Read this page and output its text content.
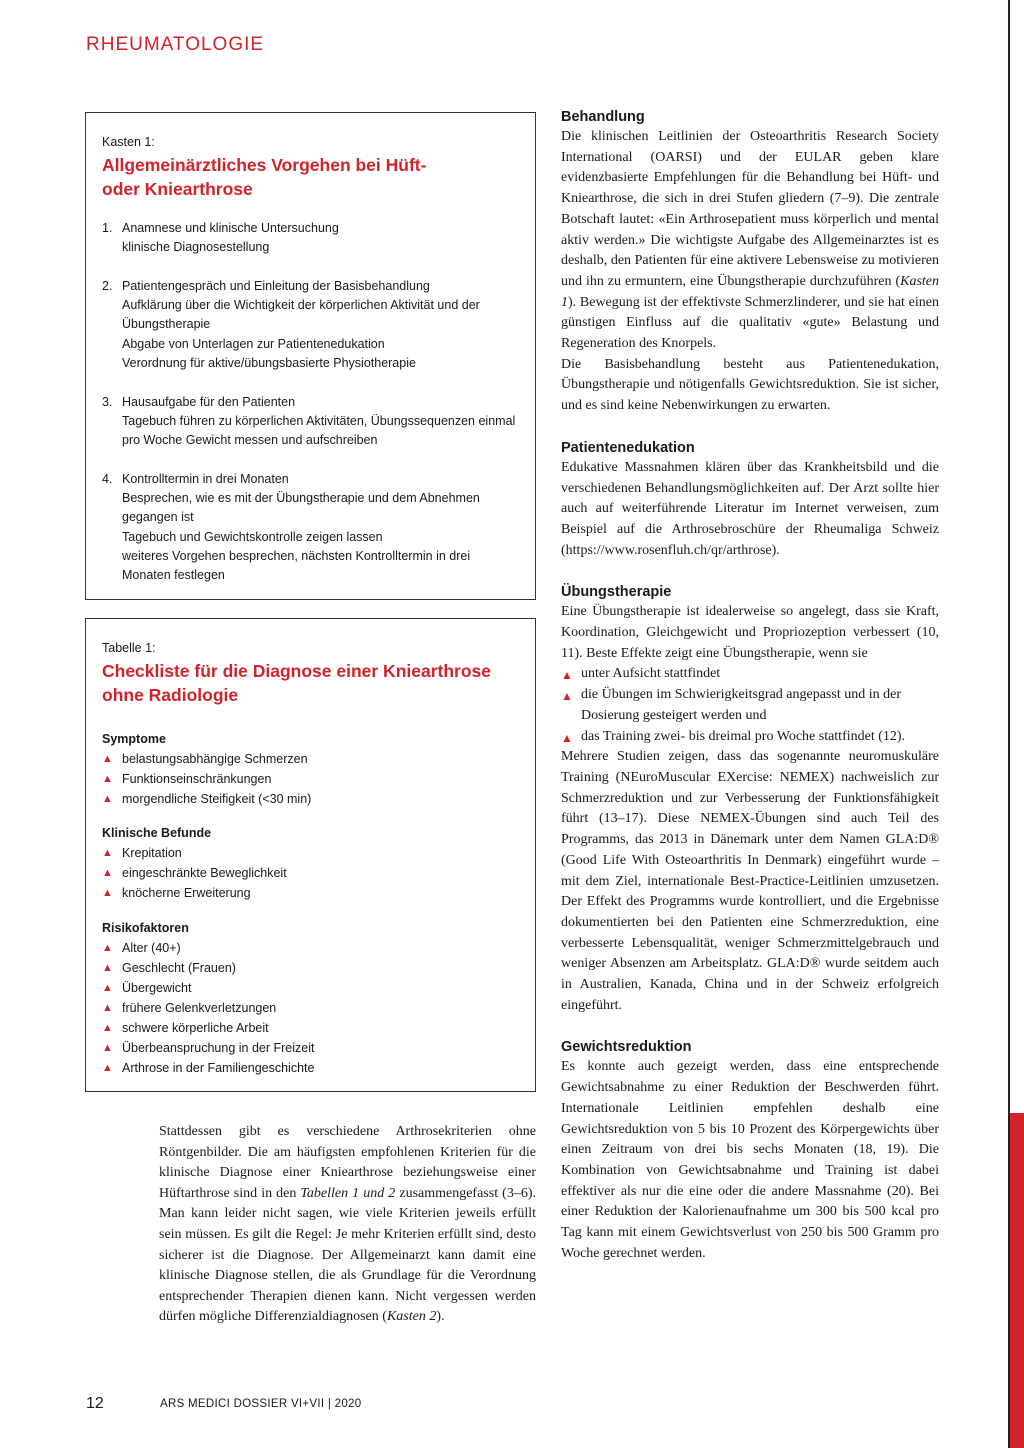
RHEUMATOLOGIE
Kasten 1:
Allgemeinärztliches Vorgehen bei Hüft-
oder Kniearthrose
1. Anamnese und klinische Untersuchung
klinische Diagnosestellung
2. Patientengespräch und Einleitung der Basisbehandlung
Aufklärung über die Wichtigkeit der körperlichen Aktivität und der Übungstherapie
Abgabe von Unterlagen zur Patientenedukation
Verordnung für aktive/übungsbasierte Physiotherapie
3. Hausaufgabe für den Patienten
Tagebuch führen zu körperlichen Aktivitäten, Übungssequenzen einmal pro Woche Gewicht messen und aufschreiben
4. Kontrolltermin in drei Monaten
Besprechen, wie es mit der Übungstherapie und dem Abnehmen gegangen ist
Tagebuch und Gewichtskontrolle zeigen lassen
weiteres Vorgehen besprechen, nächsten Kontrolltermin in drei Monaten festlegen
Tabelle 1:
Checkliste für die Diagnose einer Kniearthrose
ohne Radiologie
Symptome
▲ belastungsabhängige Schmerzen
▲ Funktionseinschränkungen
▲ morgendliche Steifigkeit (<30 min)
Klinische Befunde
▲ Krepitation
▲ eingeschränkte Beweglichkeit
▲ knöcherne Erweiterung
Risikofaktoren
▲ Alter (40+)
▲ Geschlecht (Frauen)
▲ Übergewicht
▲ frühere Gelenkverletzungen
▲ schwere körperliche Arbeit
▲ Überbeanspruchung in der Freizeit
▲ Arthrose in der Familiengeschichte

Stattdessen gibt es verschiedene Arthrosekriterien ohne Röntgenbilder. Die am häufigsten empfohlenen Kriterien für die klinische Diagnose einer Kniearthrose beziehungsweise einer Hüftarthrose sind in den Tabellen 1 und 2 zusammengefasst (3–6). Man kann leider nicht sagen, wie viele Kriterien jeweils erfüllt sein müssen. Es gilt die Regel: Je mehr Kriterien erfüllt sind, desto sicherer ist die Diagnose. Der Allgemeinarzt kann damit eine klinische Diagnose stellen, die als Grundlage für die Verordnung entsprechender Therapien dienen kann. Nicht vergessen werden dürfen mögliche Differenzialdiagnosen (Kasten 2).

Behandlung

Die klinischen Leitlinien der Osteoarthritis Research Society International (OARSI) und der EULAR geben klare evidenzbasierte Empfehlungen für die Behandlung bei Hüft- und Kniearthrose, die sich in drei Stufen gliedern (7–9). Die zentrale Botschaft lautet: «Ein Arthrosepatient muss körperlich und mental aktiv werden.» Die wichtigste Aufgabe des Allgemeinarztes ist es deshalb, den Patienten für eine aktivere Lebensweise zu motivieren und ihn zu ermuntern, eine Übungstherapie durchzuführen (Kasten 1). Bewegung ist der effektivste Schmerzlinderer, und sie hat einen günstigen Einfluss auf die qualitativ «gute» Belastung und Regeneration des Knorpels.

Die Basisbehandlung besteht aus Patientenedukation, Übungstherapie und nötigenfalls Gewichtsreduktion. Sie ist sicher, und es sind keine Nebenwirkungen zu erwarten.

Patientenedukation

Edukative Massnahmen klären über das Krankheitsbild und die verschiedenen Behandlungsmöglichkeiten auf. Der Arzt sollte hier auch auf weiterführende Literatur im Internet verweisen, zum Beispiel auf die Arthrosebroschüre der Rheumaliga Schweiz (https://www.rosenfluh.ch/qr/arthrose).

Übungstherapie

Eine Übungstherapie ist idealerweise so angelegt, dass sie Kraft, Koordination, Gleichgewicht und Propriozeption verbessert (10, 11). Beste Effekte zeigt eine Übungstherapie, wenn sie

▲ unter Aufsicht stattfindet
▲ die Übungen im Schwierigkeitsgrad angepasst und in der Dosierung gesteigert werden und
▲ das Training zwei- bis dreimal pro Woche stattfindet (12).

Mehrere Studien zeigen, dass das sogenannte neuromuskuläre Training (NEuroMuscular EXercise: NEMEX) nachweislich zur Schmerzreduktion und zur Verbesserung der Funktionsfähigkeit führt (13–17). Diese NEMEX-Übungen sind auch Teil des Programms, das 2013 in Dänemark unter dem Namen GLA:D® (Good Life With Osteoarthritis In Denmark) eingeführt wurde – mit dem Ziel, internationale Best-Practice-Leitlinien umzusetzen. Der Effekt des Programms wurde kontrolliert, und die Ergebnisse dokumentierten bei den Patienten eine Schmerzreduktion, eine verbesserte Lebensqualität, weniger Schmerzmittelgebrauch und weniger Absenzen am Arbeitsplatz. GLA:D® wurde seitdem auch in Australien, Kanada, China und in der Schweiz erfolgreich eingeführt.

Gewichtsreduktion

Es konnte auch gezeigt werden, dass eine entsprechende Gewichtsabnahme zu einer Reduktion der Beschwerden führt. Internationale Leitlinien empfehlen deshalb eine Gewichtsreduktion von 5 bis 10 Prozent des Körpergewichts über einen Zeitraum von drei bis sechs Monaten (18, 19). Die Kombination von Gewichtsabnahme und Training ist dabei effektiver als nur die eine oder die andere Massnahme (20). Bei einer Reduktion der Kalorienaufnahme um 300 bis 500 kcal pro Tag kann mit einem Gewichtsverlust von 250 bis 500 Gramm pro Woche gerechnet werden.

12	ARS MEDICI DOSSIER VI+VII | 2020
